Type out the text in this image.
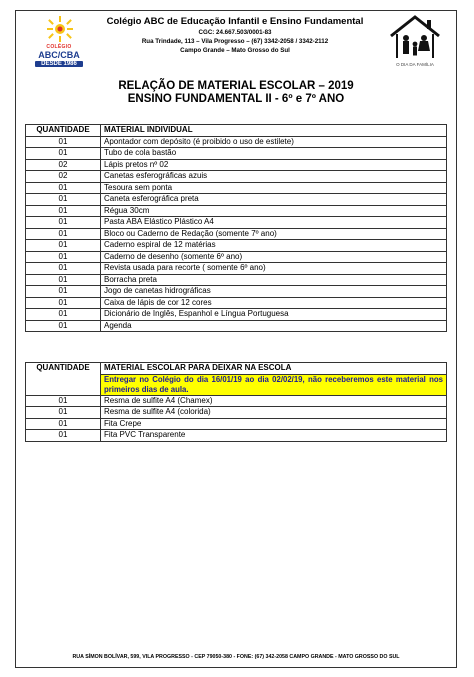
COLÉGIO
ABC/CBA
DESDE 1986
Colégio ABC de Educação Infantil e Ensino Fundamental
CGC: 24.667.503/0001-83
Rua Trindade, 113 – Vila Progresso – (67) 3342-2058 / 3342-2112
Campo Grande – Mato Grosso do Sul
O DIA DA FAMÍLIA
RELAÇÃO DE MATERIAL ESCOLAR – 2019
ENSINO FUNDAMENTAL II - 6º e 7º ANO
QUANTIDADE	MATERIAL INDIVIDUAL
01	Apontador com depósito (é proibido o uso de estilete)
01	Tubo de cola bastão
02	Lápis pretos nº 02
02	Canetas esferográficas azuis
01	Tesoura sem ponta
01	Caneta esferográfica preta
01	Régua 30cm
01	Pasta ABA Elástico Plástico A4
01	Bloco ou Caderno de Redação (somente 7º ano)
01	Caderno espiral de 12 matérias
01	Caderno de desenho (somente 6º ano)
01	Revista usada para recorte ( somente 6º ano)
01	Borracha preta
01	Jogo de canetas hidrográficas
01	Caixa de lápis de cor 12 cores
01	Dicionário de Inglês, Espanhol e Língua Portuguesa
01	Agenda
QUANTIDADE	MATERIAL ESCOLAR PARA DEIXAR NA ESCOLA
	Entregar no Colégio do dia 16/01/19 ao dia 02/02/19, não receberemos este material nos primeiros dias de aula.
01	Resma de sulfite A4 (Chamex)
01	Resma de sulfite A4 (colorida)
01	Fita Crepe
01	Fita PVC Transparente
RUA SÍMON BOLÍVAR, 599, VILA PROGRESSO - CEP 79050-380 - FONE: (67) 342-2058 CAMPO GRANDE - MATO GROSSO DO SUL
